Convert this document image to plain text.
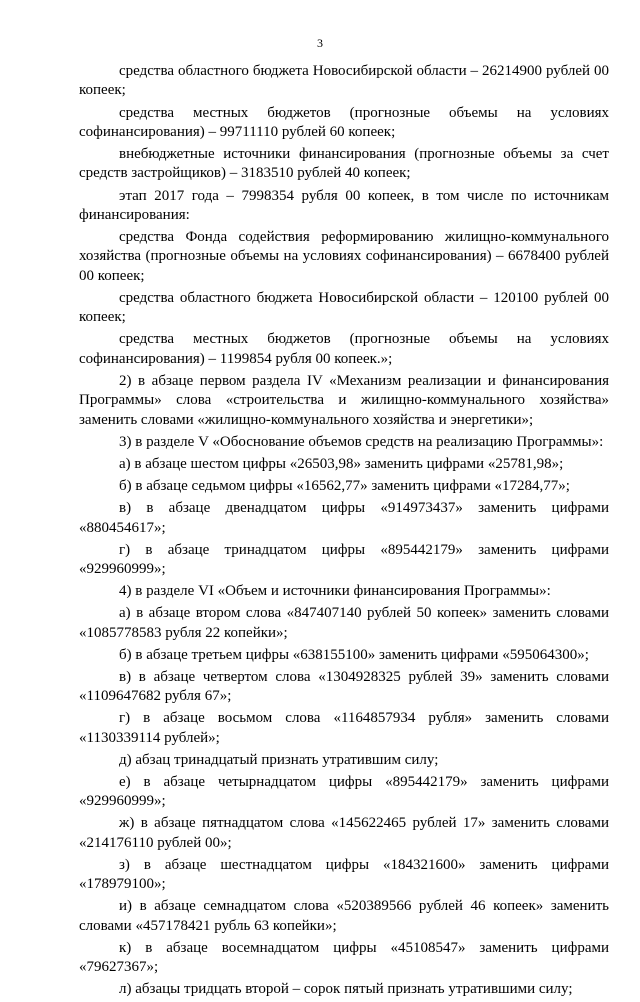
3

средства областного бюджета Новосибирской области – 26214900 рублей 00 копеек;

средства местных бюджетов (прогнозные объемы на условиях софинансирования) – 99711110 рублей 60 копеек;

внебюджетные источники финансирования (прогнозные объемы за счет средств застройщиков) – 3183510 рублей 40 копеек;

этап 2017 года – 7998354 рубля 00 копеек, в том числе по источникам финансирования:

средства Фонда содействия реформированию жилищно-коммунального хозяйства (прогнозные объемы на условиях софинансирования) – 6678400 рублей 00 копеек;

средства областного бюджета Новосибирской области – 120100 рублей 00 копеек;

средства местных бюджетов (прогнозные объемы на условиях софинансирования) – 1199854 рубля 00 копеек.»;

2) в абзаце первом раздела IV «Механизм реализации и финансирования Программы» слова «строительства и жилищно-коммунального хозяйства» заменить словами «жилищно-коммунального хозяйства и энергетики»;

3) в разделе V «Обоснование объемов средств на реализацию Программы»:

а) в абзаце шестом цифры «26503,98» заменить цифрами «25781,98»;

б) в абзаце седьмом цифры «16562,77» заменить цифрами «17284,77»;

в) в абзаце двенадцатом цифры «914973437» заменить цифрами «880454617»;

г) в абзаце тринадцатом цифры «895442179» заменить цифрами «929960999»;

4) в разделе VI «Объем и источники финансирования Программы»:

а) в абзаце втором слова «847407140 рублей 50 копеек» заменить словами «1085778583 рубля 22 копейки»;

б) в абзаце третьем цифры «638155100» заменить цифрами «595064300»;

в) в абзаце четвертом слова «1304928325 рублей 39» заменить словами «1109647682 рубля 67»;

г) в абзаце восьмом слова «1164857934 рубля» заменить словами «1130339114 рублей»;

д) абзац тринадцатый признать утратившим силу;

е) в абзаце четырнадцатом цифры «895442179» заменить цифрами «929960999»;

ж) в абзаце пятнадцатом слова «145622465 рублей 17» заменить словами «214176110 рублей 00»;

з) в абзаце шестнадцатом цифры «184321600» заменить цифрами «178979100»;

и) в абзаце семнадцатом слова «520389566 рублей 46 копеек» заменить словами «457178421 рубль 63 копейки»;

к) в абзаце восемнадцатом цифры «45108547» заменить цифрами «79627367»;

л) абзацы тридцать второй – сорок пятый признать утратившими силу;
